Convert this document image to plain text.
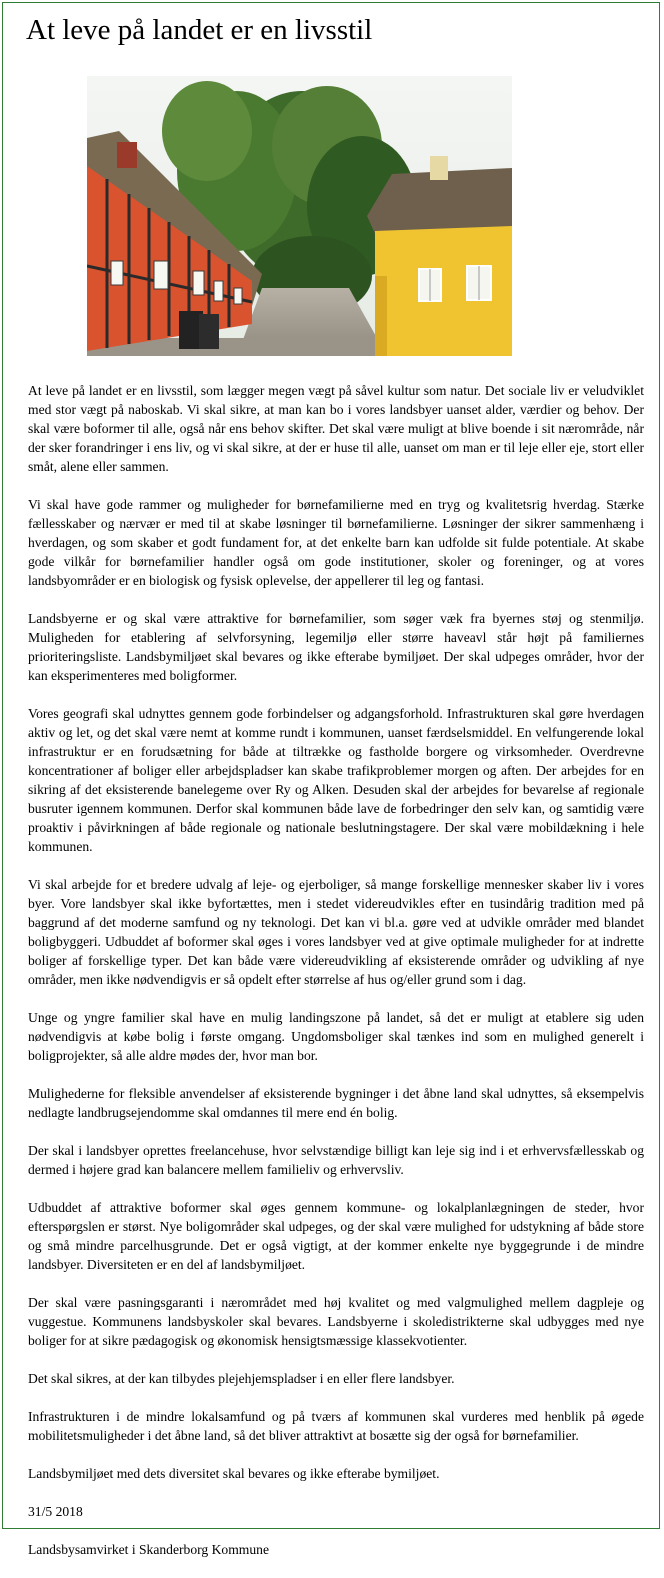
At leve på landet er en livsstil

At leve på landet er en livsstil, som lægger megen vægt på såvel kultur som natur. Det sociale liv er veludviklet med stor vægt på naboskab. Vi skal sikre, at man kan bo i vores landsbyer uanset alder, værdier og behov. Der skal være boformer til alle, også når ens behov skifter. Det skal være muligt at blive boende i sit nærområde, når der sker forandringer i ens liv, og vi skal sikre, at der er huse til alle, uanset om man er til leje eller eje, stort eller småt, alene eller sammen.

Vi skal have gode rammer og muligheder for børnefamilierne med en tryg og kvalitetsrig hverdag. Stærke fællesskaber og nærvær er med til at skabe løsninger til børnefamilierne. Løsninger der sikrer sammenhæng i hverdagen, og som skaber et godt fundament for, at det enkelte barn kan udfolde sit fulde potentiale. At skabe gode vilkår for børnefamilier handler også om gode institutioner, skoler og foreninger, og at vores landsbyområder er en biologisk og fysisk oplevelse, der appellerer til leg og fantasi.

Landsbyerne er og skal være attraktive for børnefamilier, som søger væk fra byernes støj og stenmiljø. Muligheden for etablering af selvforsyning, legemiljø eller større haveavl står højt på familiernes prioriteringsliste. Landsbymiljøet skal bevares og ikke efterabe bymiljøet. Der skal udpeges områder, hvor der kan eksperimenteres med boligformer.

Vores geografi skal udnyttes gennem gode forbindelser og adgangsforhold. Infrastrukturen skal gøre hverdagen aktiv og let, og det skal være nemt at komme rundt i kommunen, uanset færdselsmiddel. En velfungerende lokal infrastruktur er en forudsætning for både at tiltrække og fastholde borgere og virksomheder. Overdrevne koncentrationer af boliger eller arbejdspladser kan skabe trafikproblemer morgen og aften. Der arbejdes for en sikring af det eksisterende banelegeme over Ry og Alken. Desuden skal der arbejdes for bevarelse af regionale busruter igennem kommunen. Derfor skal kommunen både lave de forbedringer den selv kan, og samtidig være proaktiv i påvirkningen af både regionale og nationale beslutningstagere. Der skal være mobildækning i hele kommunen.

Vi skal arbejde for et bredere udvalg af leje- og ejerboliger, så mange forskellige mennesker skaber liv i vores byer. Vore landsbyer skal ikke byfortættes, men i stedet videreudvikles efter en tusindårig tradition med på baggrund af det moderne samfund og ny teknologi. Det kan vi bl.a. gøre ved at udvikle områder med blandet boligbyggeri. Udbuddet af boformer skal øges i vores landsbyer ved at give optimale muligheder for at indrette boliger af forskellige typer. Det kan både være videreudvikling af eksisterende områder og udvikling af nye områder, men ikke nødvendigvis er så opdelt efter størrelse af hus og/eller grund som i dag.

Unge og yngre familier skal have en mulig landingszone på landet, så det er muligt at etablere sig uden nødvendigvis at købe bolig i første omgang. Ungdomsboliger skal tænkes ind som en mulighed generelt i boligprojekter, så alle aldre mødes der, hvor man bor.

Mulighederne for fleksible anvendelser af eksisterende bygninger i det åbne land skal udnyttes, så eksempelvis nedlagte landbrugsejendomme skal omdannes til mere end én bolig.

Der skal i landsbyer oprettes freelancehuse, hvor selvstændige billigt kan leje sig ind i et erhvervsfællesskab og dermed i højere grad kan balancere mellem familieliv og erhvervsliv.

Udbuddet af attraktive boformer skal øges gennem kommune- og lokalplanlægningen de steder, hvor efterspørgslen er størst. Nye boligområder skal udpeges, og der skal være mulighed for udstykning af både store og små mindre parcelhusgrunde. Det er også vigtigt, at der kommer enkelte nye byggegrunde i de mindre landsbyer. Diversiteten er en del af landsbymiljøet.

Der skal være pasningsgaranti i nærområdet med høj kvalitet og med valgmulighed mellem dagpleje og vuggestue. Kommunens landsbyskoler skal bevares. Landsbyerne i skoledistrikterne skal udbygges med nye boliger for at sikre pædagogisk og økonomisk hensigtsmæssige klassekvotienter.

Det skal sikres, at der kan tilbydes plejehjemspladser i en eller flere landsbyer.

Infrastrukturen i de mindre lokalsamfund og på tværs af kommunen skal vurderes med henblik på øgede mobilitetsmuligheder i det åbne land, så det bliver attraktivt at bosætte sig der også for børnefamilier.

Landsbymiljøet med dets diversitet skal bevares og ikke efterabe bymiljøet.

31/5 2018

Landsbysamvirket i Skanderborg Kommune
